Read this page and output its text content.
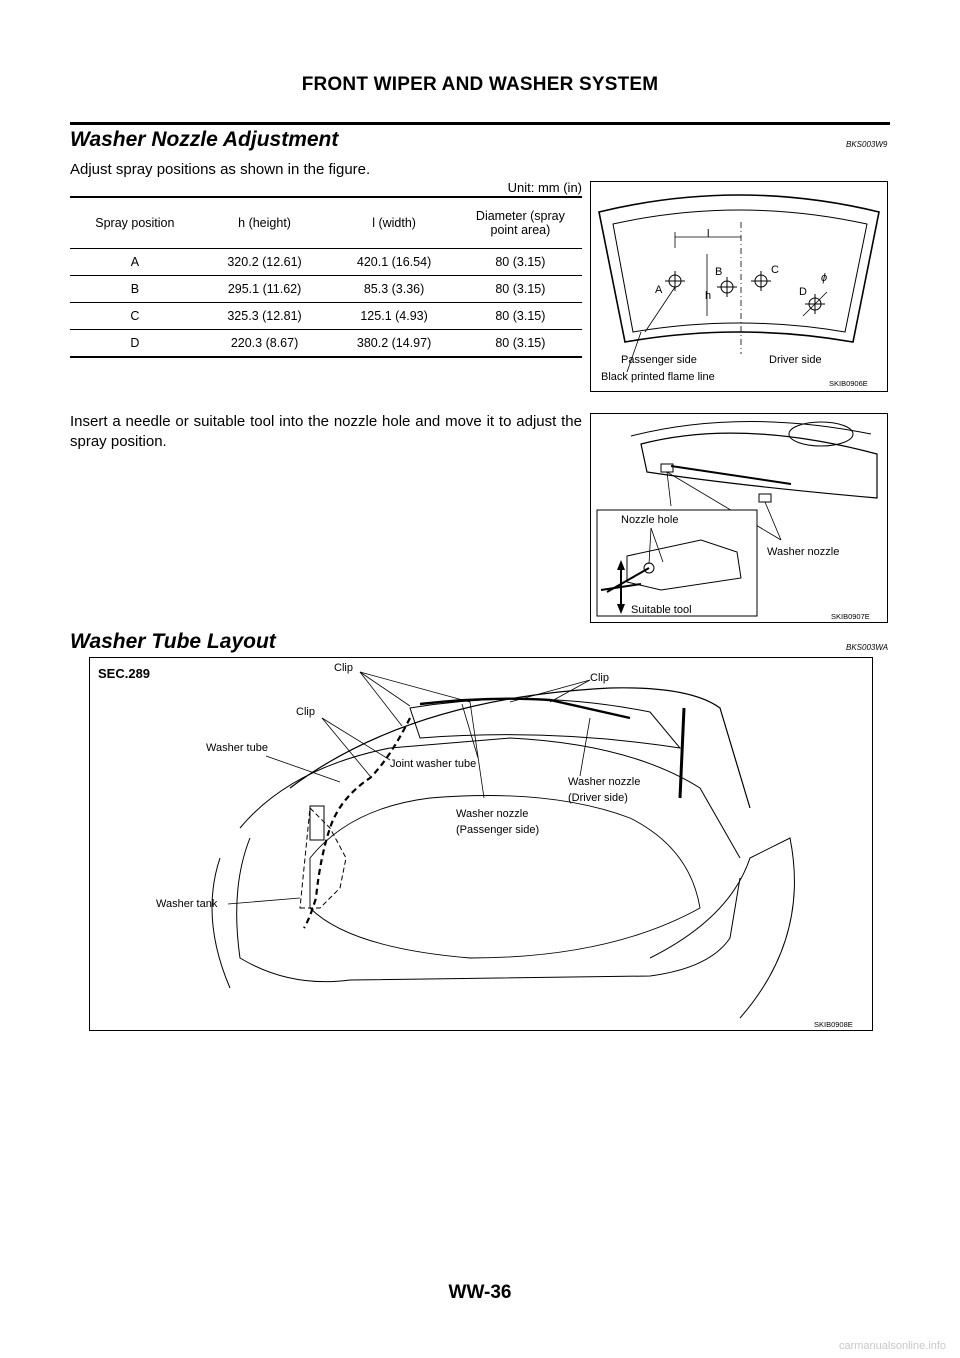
FRONT WIPER AND WASHER SYSTEM
Washer Nozzle Adjustment	BKS003W9
Adjust spray positions as shown in the figure.
Unit: mm (in)
Spray position	h (height)	l (width)	Diameter (spray point area)
A	320.2 (12.61)	420.1 (16.54)	80 (3.15)
B	295.1 (11.62)	85.3 (3.36)	80 (3.15)
C	325.3 (12.81)	125.1 (4.93)	80 (3.15)
D	220.3 (8.67)	380.2 (14.97)	80 (3.15)
l
A
B	C
D
h
ϕ
Passenger side	Driver side
Black printed flame line
SKIB0906E
Insert a needle or suitable tool into the nozzle hole and move it to adjust the spray position.
Nozzle hole
Washer nozzle
Suitable tool
SKIB0907E
Washer Tube Layout	BKS003WA
SEC.289	Clip
Clip
Clip
Washer tube
Joint washer tube
Washer nozzle
(Driver side)
Washer nozzle
(Passenger side)
Washer tank
SKIB0908E
WW-36
carmanualsonline.info
